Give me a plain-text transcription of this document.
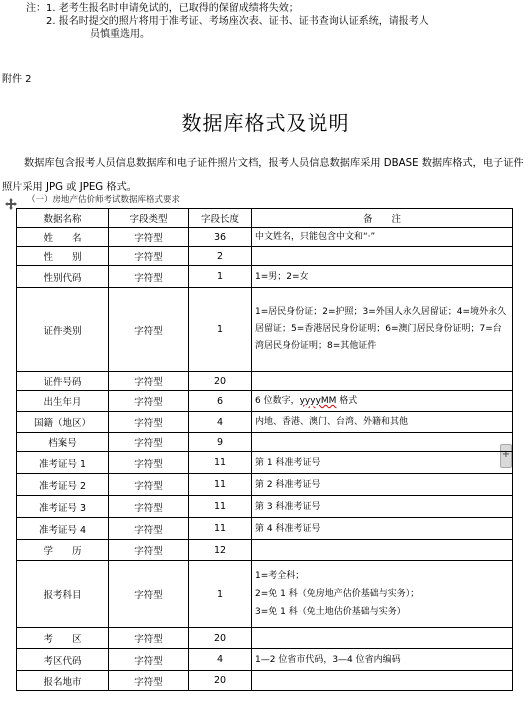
注： 1. 老考生报名时申请免试的，已取得的保留成绩将失效；

2. 报名时提交的照片将用于准考证、考场座次表、证书、证书查询认证系统，请报考人

员慎重选用。

附件 2
数据库格式及说明

数据库包含报考人员信息数据库和电子证件照片文档，报考人员信息数据库采用 DBASE 数据库格式，电子证件照片采用 JPG 或 JPEG 格式。

（一）房地产估价师考试数据库格式要求
+
数据名称	字段类型	字段长度	备　　注
姓　　名	字符型	36	中文姓名，只能包含中文和“·”
性　　别	字符型	2	
性别代码	字符型	1	1=男；2=女
证件类别	字符型	1	1=居民身份证；2=护照；3=外国人永久居留证；4=境外永久居留证；5=香港居民身份证明；6=澳门居民身份证明；7=台湾居民身份证明；8=其他证件
证件号码	字符型	20	
出生年月	字符型	6	6 位数字，yyyyMM 格式
国籍（地区）	字符型	4	内地、香港、澳门、台湾、外籍和其他
档案号	字符型	9	
准考证号 1	字符型	11	第 1 科准考证号
准考证号 2	字符型	11	第 2 科准考证号
准考证号 3	字符型	11	第 3 科准考证号
准考证号 4	字符型	11	第 4 科准考证号
学　　历	字符型	12	
报考科目	字符型	1	1=考全科；
2=免 1 科（免房地产估价基础与实务）；
3=免 1 科（免土地估价基础与实务）

考　　区	字符型	20	
考区代码	字符型	4	1—2 位省市代码，3—4 位省内编码
报名地市	字符型	20	
